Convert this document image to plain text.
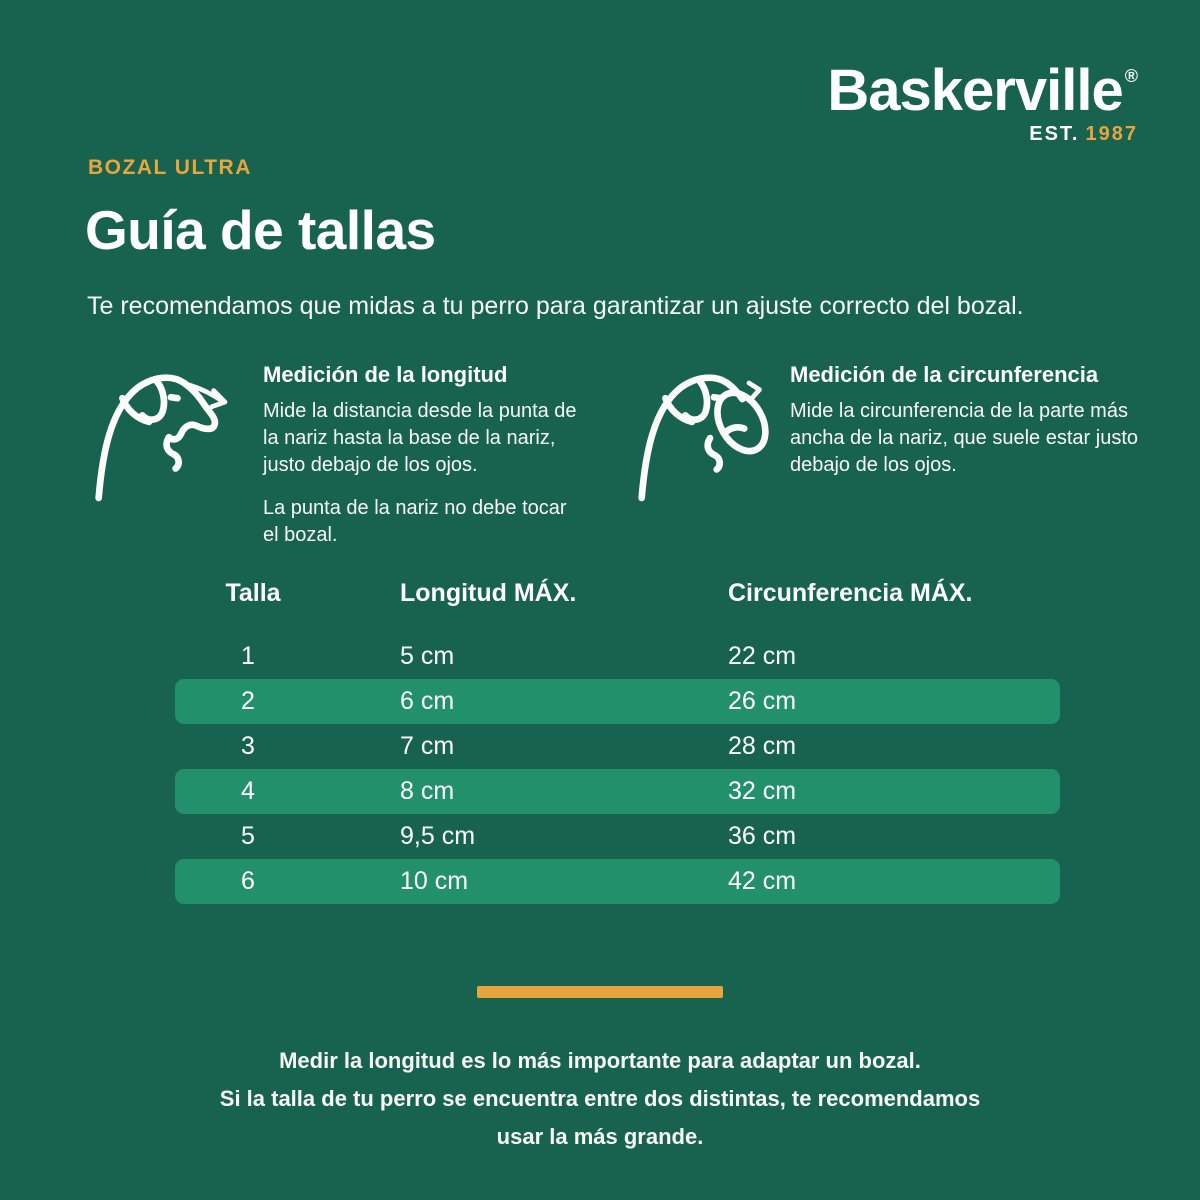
Baskerville ®
EST. 1987
BOZAL ULTRA
Guía de tallas
Te recomendamos que midas a tu perro para garantizar un ajuste correcto del bozal.
Medición de la longitud

Mide la distancia desde la punta de la nariz hasta la base de la nariz, justo debajo de los ojos.

La punta de la nariz no debe tocar el bozal.

Medición de la circunferencia

Mide la circunferencia de la parte más ancha de la nariz, que suele estar justo debajo de los ojos.

Talla	Longitud MÁX.	Circunferencia MÁX.
1	5 cm	22 cm
2	6 cm	26 cm
3	7 cm	28 cm
4	8 cm	32 cm
5	9,5 cm	36 cm
6	10 cm	42 cm
Medir la longitud es lo más importante para adaptar un bozal.
Si la talla de tu perro se encuentra entre dos distintas, te recomendamos
usar la más grande.
